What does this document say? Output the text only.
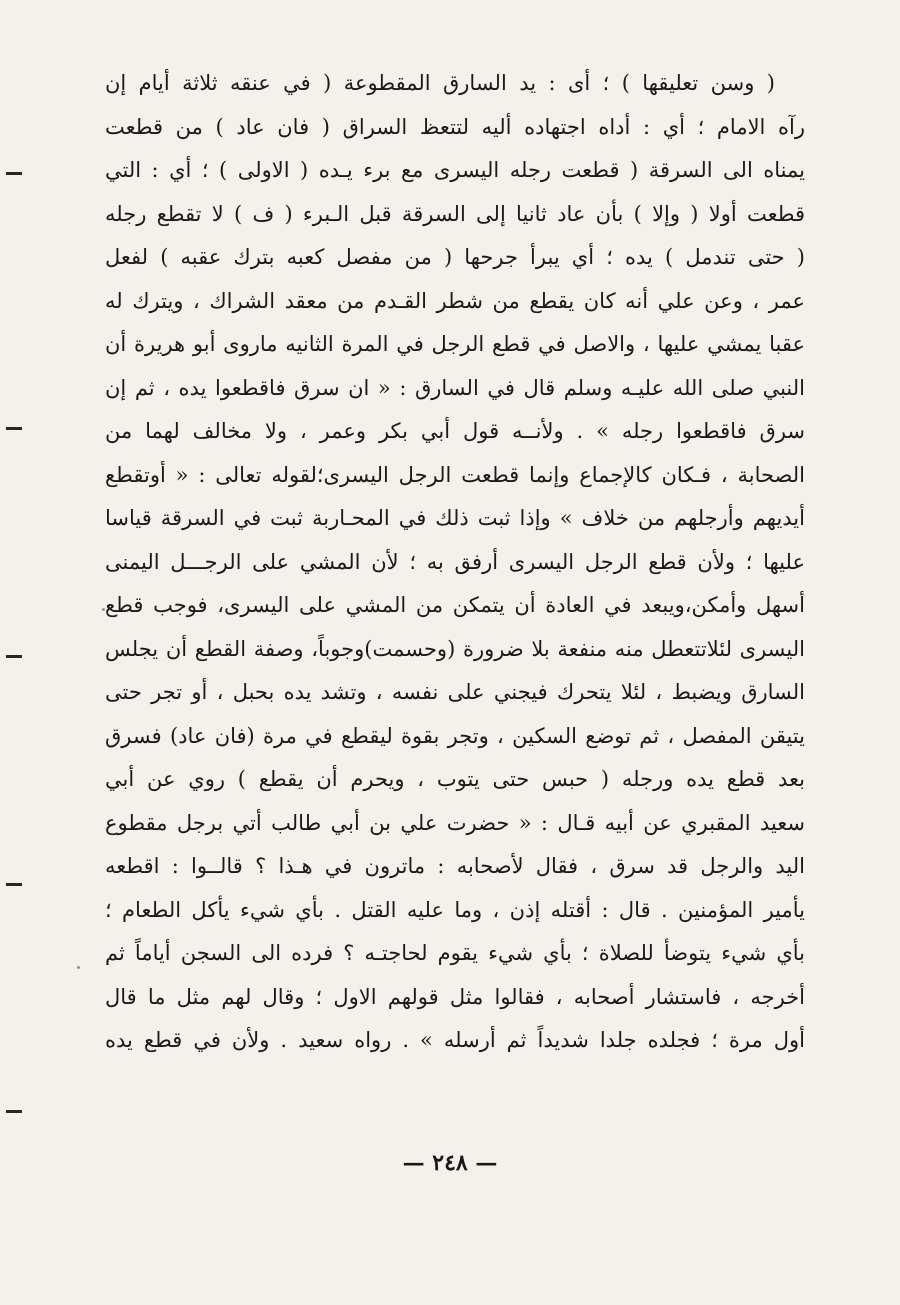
( وسن تعليقها ) ؛ أى : يد السارق المقطوعة ( في عنقه ثلاثة أيام إن
رآه الامام ؛ أي : أداه اجتهاده أليه لتتعظ السراق ( فان عاد ) من قطعت
يمناه الى السرقة ( قطعت رجله اليسرى مع برء يـده ( الاولى ) ؛ أي : التي
قطعت أولا ( وإلا ) بأن عاد ثانيا إلى السرقة قبل الـبرء ( ف ) لا تقطع رجله
( حتى تندمل ) يده ؛ أي يبرأ جرحها ( من مفصل كعبه بترك عقبه ) لفعل
عمر ، وعن علي أنه كان يقطع من شطر القـدم من معقد الشراك ، ويترك له
عقبا يمشي عليها ، والاصل في قطع الرجل في المرة الثانيه ماروى أبو هريرة أن
النبي صلى الله عليـه وسلم قال في السارق : « ان سرق فاقطعوا يده ، ثم إن
سرق فاقطعوا رجله » . ولأنــه قول أبي بكر وعمر ، ولا مخالف لهما من
الصحابة ، فـكان كالإجماع وإنما قطعت الرجل اليسرى؛لقوله تعالى : « أوتقطع
أيديهم وأرجلهم من خلاف » وإذا ثبت ذلك في المحـاربة ثبت في السرقة قياسا
عليها ؛ ولأن قطع الرجل اليسرى أرفق به ؛ لأن المشي على الرجـــل اليمنى
أسهل وأمكن،ويبعد في العادة أن يتمكن من المشي على اليسرى، فوجب قطع
اليسرى لئلاتتعطل منه منفعة بلا ضرورة (وحسمت)وجوباً، وصفة القطع أن يجلس
السارق ويضبط ، لئلا يتحرك فيجني على نفسه ، وتشد يده بحبل ، أو تجر حتى
يتيقن المفصل ، ثم توضع السكين ، وتجر بقوة ليقطع في مرة (فان عاد) فسرق
بعد قطع يده ورجله ( حبس حتى يتوب ، ويحرم أن يقطع ) روي عن أبي
سعيد المقبري عن أبيه قـال : « حضرت علي بن أبي طالب أتي برجل مقطوع
اليد والرجل قد سرق ، فقال لأصحابه : ماترون في هـذا ؟ قالــوا : اقطعه
يأمير المؤمنين . قال : أقتله إذن ، وما عليه القتل . بأي شيء يأكل الطعام ؛
بأي شيء يتوضأ للصلاة ؛ بأي شيء يقوم لحاجتـه ؟ فرده الى السجن أياماً ثم
أخرجه ، فاستشار أصحابه ، فقالوا مثل قولهم الاول ؛ وقال لهم مثل ما قال
أول مرة ؛ فجلده جلدا شديداً ثم أرسله » . رواه سعيد . ولأن في قطع يده
— ٢٤٨ —
